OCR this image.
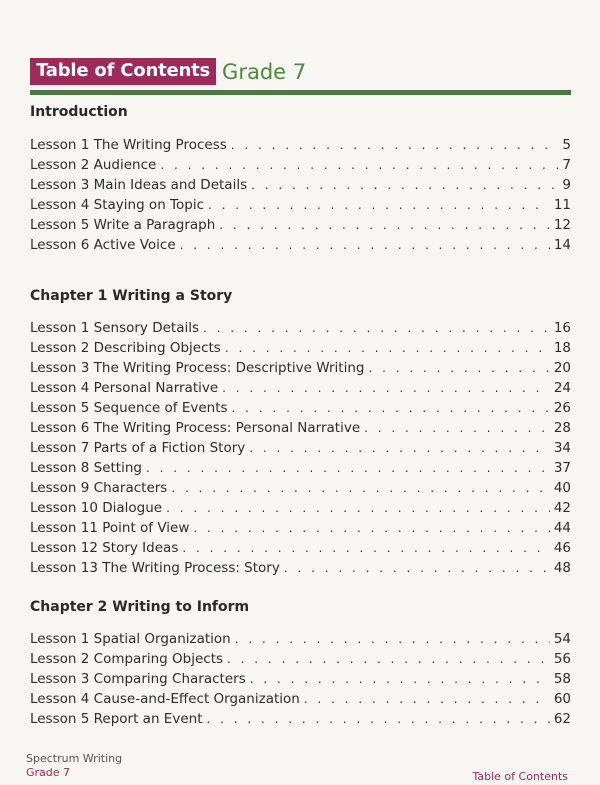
Table of Contents Grade 7
Introduction
Lesson 1 The Writing Process . . .	5
Lesson 2 Audience . . .	7
Lesson 3 Main Ideas and Details . . .	9
Lesson 4 Staying on Topic . . .	11
Lesson 5 Write a Paragraph . . .	12
Lesson 6 Active Voice . . .	14
Chapter 1 Writing a Story
Lesson 1 Sensory Details . . .	16
Lesson 2 Describing Objects . . .	18
Lesson 3 The Writing Process: Descriptive Writing . . .	20
Lesson 4 Personal Narrative . . .	24
Lesson 5 Sequence of Events . . .	26
Lesson 6 The Writing Process: Personal Narrative . . .	28
Lesson 7 Parts of a Fiction Story . . .	34
Lesson 8 Setting . . .	37
Lesson 9 Characters . . .	40
Lesson 10 Dialogue . . .	42
Lesson 11 Point of View . . .	44
Lesson 12 Story Ideas . . .	46
Lesson 13 The Writing Process: Story . . .	48
Chapter 2 Writing to Inform
Lesson 1 Spatial Organization . . .	54
Lesson 2 Comparing Objects . . .	56
Lesson 3 Comparing Characters . . .	58
Lesson 4 Cause-and-Effect Organization . . .	60
Lesson 5 Report an Event . . .	62
Spectrum Writing
Grade 7	Table of Contents
